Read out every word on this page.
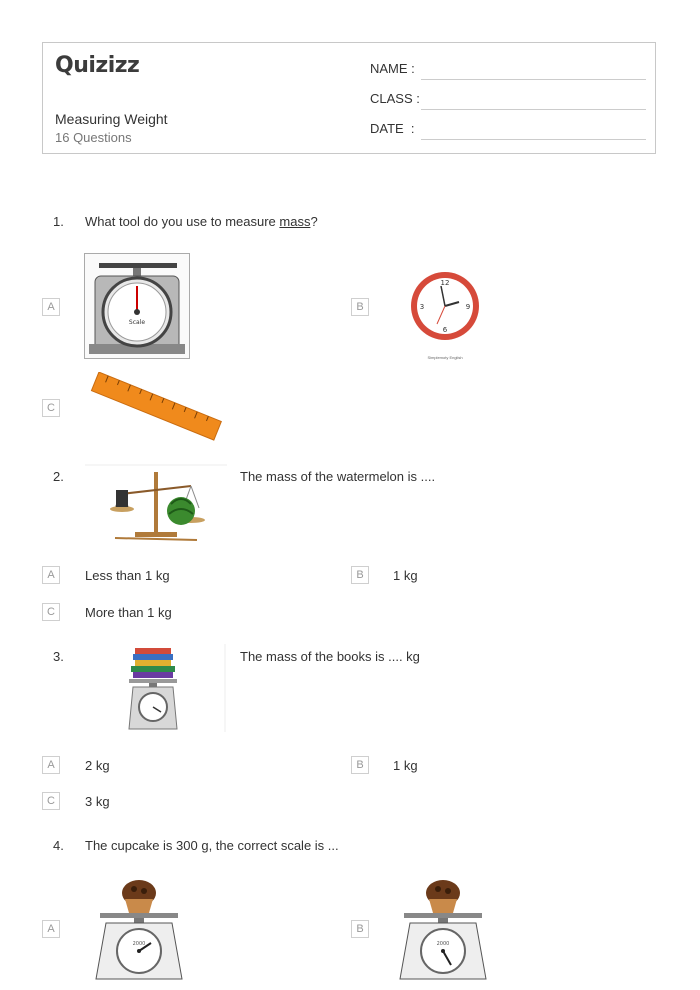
Quizizz
Measuring Weight
16 Questions
NAME :
CLASS :
DATE  :
1. What tool do you use to measure mass?
A
Scale
B
12
9
6
3
Simplemoty English
C
2.	The mass of the watermelon is ....
A	Less than 1 kg	B	1 kg
C	More than 1 kg
3.	The mass of the books is .... kg
A	2 kg	B	1 kg
C	3 kg
4. The cupcake is 300 g, the correct scale is ...
A
2000
B
2000
